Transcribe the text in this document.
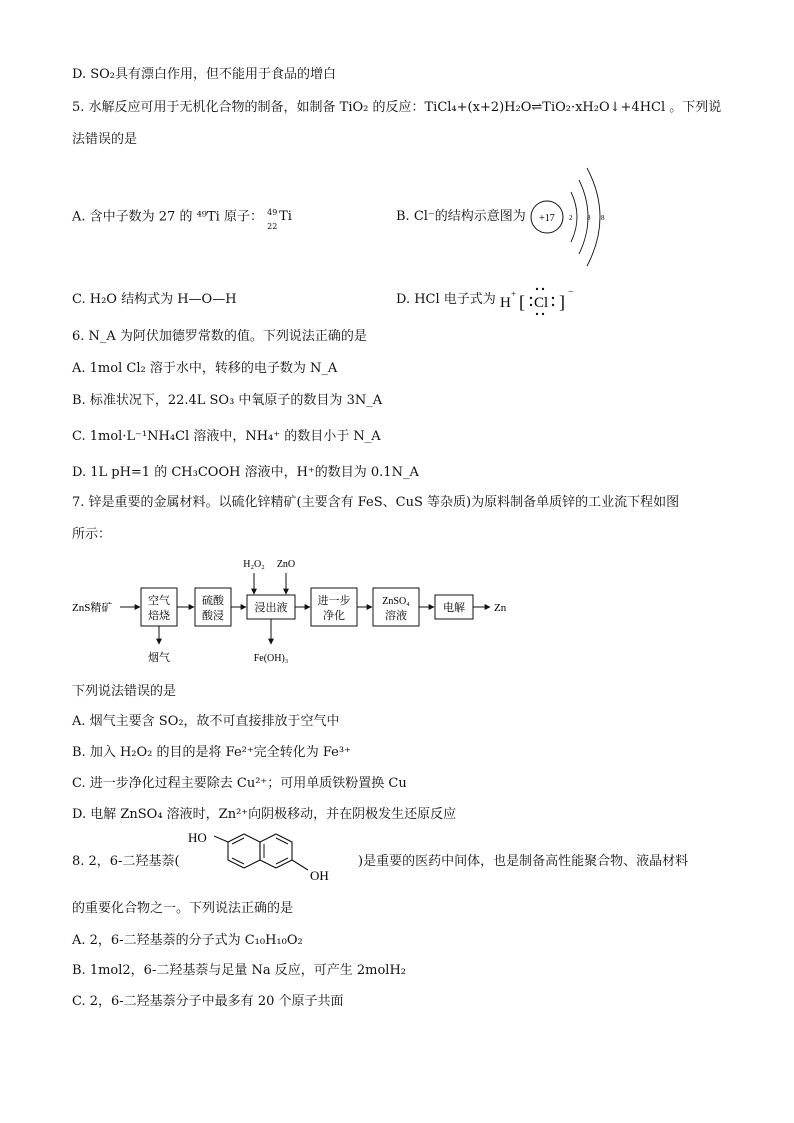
D. SO₂具有漂白作用，但不能用于食品的增白
5. 水解反应可用于无机化合物的制备，如制备 TiO₂ 的反应：TiCl₄+(x+2)H₂O⇌TiO₂·xH₂O↓+4HCl 。下列说
法错误的是
A. 含中子数为 27 的 ⁴⁹Ti 原子： 49
22
Ti	B. Cl⁻的结构示意图为 +17 2 8 8
C. H₂O 结构式为 H—O—H	D. HCl 电子式为 H
+ [ Cl ] −
6. N_A 为阿伏加德罗常数的值。下列说法正确的是
A. 1mol Cl₂ 溶于水中，转移的电子数为 N_A
B. 标准状况下，22.4L SO₃ 中氧原子的数目为 3N_A
C. 1mol·L⁻¹NH₄Cl 溶液中，NH₄⁺ 的数目小于 N_A
D. 1L pH=1 的 CH₃COOH 溶液中，H⁺的数目为 0.1N_A
7. 锌是重要的金属材料。以硫化锌精矿(主要含有 FeS、CuS 等杂质)为原料制备单质锌的工业流下程如图
所示：
ZnS精矿
空气
焙烧
烟气
硫酸
酸浸
浸出液
H₂O₂ ZnO
Fe(OH)₃
进一步
净化
ZnSO₄
溶液
电解	Zn
下列说法错误的是
A. 烟气主要含 SO₂，故不可直接排放于空气中
B. 加入 H₂O₂ 的目的是将 Fe²⁺完全转化为 Fe³⁺
C. 进一步净化过程主要除去 Cu²⁺；可用单质铁粉置换 Cu
D. 电解 ZnSO₄ 溶液时，Zn²⁺向阴极移动，并在阴极发生还原反应
8. 2，6-二羟基萘(
HO
OH
)是重要的医药中间体，也是制备高性能聚合物、液晶材料
的重要化合物之一。下列说法正确的是
A. 2，6-二羟基萘的分子式为 C₁₀H₁₀O₂
B. 1mol2，6-二羟基萘与足量 Na 反应，可产生 2molH₂
C. 2，6-二羟基萘分子中最多有 20 个原子共面
